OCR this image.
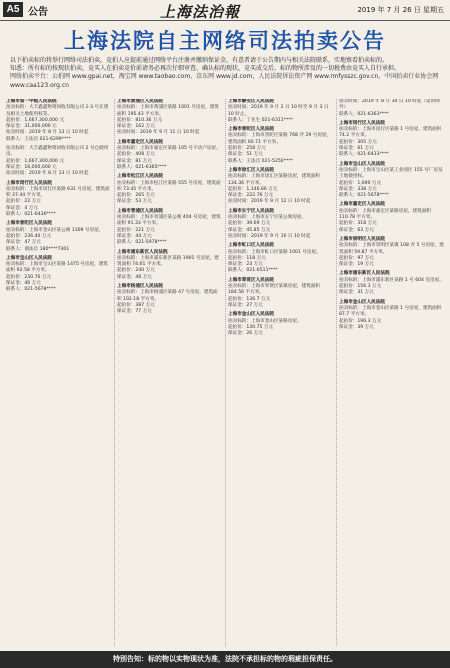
A5 公告	上海法治報	2019 年 7 月 26 日 星期五
上海法院自主网络司法拍卖公告
以下拍卖标的将举行网络司法拍卖，竞拍人应提前通过网络平台注册并缴纳保证金，有意者请于公告期内与相关法院联系，实地察看拍卖标的。
知悉：所有标的按现状拍卖，竞买人在拍卖竞价前请务必再次仔细审查、确认标的现状，竞买成交后，标的物所涉及的一切税费由竞买人自行承担。
网络拍卖平台：公拍网 www.gpai.net，淘宝网 www.taobao.com，京东网 www.jd.com，人民法院诉讼资产网 www.rmfysszc.gov.cn，中国拍卖行业协会网 www.caa123.org.cn
上海市第一中级人民法院
拍卖标的：大丰鑫鑫物资回收有限公司 1-3 号在建及相关土地使用权等。
起拍价：1,667,300,000 元
保证金：31,000,000 元
拍卖时间：2019 年 8 月 13 日 10 时起
联系人：王法官 021-6299****
拍卖标的：大丰鑫鑫物资回收有限公司 2 号仓储用房。
起拍价：1,667,300,000 元
保证金：16,000,000 元
拍卖时间：2019 年 8 月 13 日 10 时起
上海市闵行区人民法院
拍卖标的：上海市闵行区某路 631 号房屋，建筑面积 37.44 平方米。
起拍价：22 万元
保证金：4 万元
联系人：021-6436****
上海市普陀区人民法院
拍卖标的：上海市金山区某公寓 1309 号房屋。
起拍价：236.40 万元
保证金：47 万元
联系人：俞法官 180****7301
上海市宝山区人民法院
拍卖标的：上海市宝山区某路 1475 号房屋，建筑面积 92.58 平方米。
起拍价：230.76 万元
保证金：46 万元
联系人：021-5678****
上海市黄浦区人民法院
拍卖标的：上海市黄浦区某路 1001 号房屋，建筑面积 195.43 平方米。
起拍价：810.36 万元
保证金：162 万元
拍卖时间：2019 年 9 月 11 日 10 时起
上海市嘉定区人民法院
拍卖标的：上海市嘉定区某路 105 号不动产房屋。
起拍价：408 万元
保证金：81 万元
联系人：021-6365****
上海市松江区人民法院
拍卖标的：上海市松江区某路 555 号房屋，建筑面积 73.45 平方米。
起拍价：265 万元
保证金：53 万元
上海市青浦区人民法院
拍卖标的：上海市青浦区某公寓 404 号房屋，建筑面积 91.33 平方米。
起拍价：221 万元
保证金：44 万元
联系人：021-5978****
上海市浦东新区人民法院
拍卖标的：上海市浦东新区某路 1901 号房屋，建筑面积 74.61 平方米。
起拍价：240 万元
保证金：48 万元
上海市杨浦区人民法院
拍卖标的：上海市杨浦区某路 47 号房屋，建筑面积 102.18 平方米。
起拍价：387 万元
保证金：77 万元
上海市静安区人民法院
拍卖时间：2019 年 9 月 2 日 10 时至 9 月 3 日 10 时止。
联系人：丁先生 021-6311****
上海市普陀区人民法院
拍卖标的：上海市普陀区某路 768 弄 29 号房屋，建筑面积 60.71 平方米。
起拍价：258 万元
保证金：51 万元
联系人：王法官 021-5250****
上海市徐汇区人民法院
拍卖标的：上海市徐汇区某路房屋，建筑面积 134.36 平方米。
起拍价：1,146.66 万元
保证金：222.76 万元
拍卖时间：2019 年 9 月 12 日 10 时起
上海市长宁区人民法院
拍卖标的：上海市长宁区某公寓房屋。
起拍价：39.69 万元
保证金：45.85 万元
拍卖时间：2019 年 9 月 16 日 10 时起
上海市虹口区人民法院
拍卖标的：上海市虹口区某路 1001 号房屋。
起拍价：118 万元
保证金：23 万元
联系人：021-6511****
上海市奉贤区人民法院
拍卖标的：上海市奉贤区某镇房屋，建筑面积 184.56 平方米。
起拍价：136.7 万元
保证金：27 万元
上海市金山区人民法院
拍卖标的：上海市金山区某路房屋。
起拍价：130.75 万元
保证金：26 万元
拍卖时间：2019 年 8 月 30 日 10 时起（延时除外）
联系人：021-6363****
上海市闵行区人民法院
拍卖标的：上海市闵行区某路 1 号房屋，建筑面积 74.2 平方米。
起拍价：305 万元
保证金：61 万元
联系人：021-6433****
上海市宝山区人民法院
拍卖标的：上海市宝山区某工业园区 155 号厂房及土地使用权。
起拍价：1,690 万元
保证金：338 万元
联系人：021-5678****
上海市嘉定区人民法院
拍卖标的：上海市嘉定区某路房屋，建筑面积 110.78 平方米。
起拍价：318 万元
保证金：63 万元
上海市崇明区人民法院
拍卖标的：上海市崇明区某镇 108 弄 5 号房屋，建筑面积 59.87 平方米。
起拍价：97 万元
保证金：19 万元
上海市浦东新区人民法院
拍卖标的：上海市浦东新区某路 1 号 604 室房屋。
起拍价：156.3 万元
保证金：31 万元
上海市金山区人民法院
拍卖标的：上海市金山区某路 1 号房屋，建筑面积 87.7 平方米。
起拍价：196.3 万元
保证金：39 万元
特别告知：标的物以实物现状为准，法院不承担标的物的瑕疵担保责任。
